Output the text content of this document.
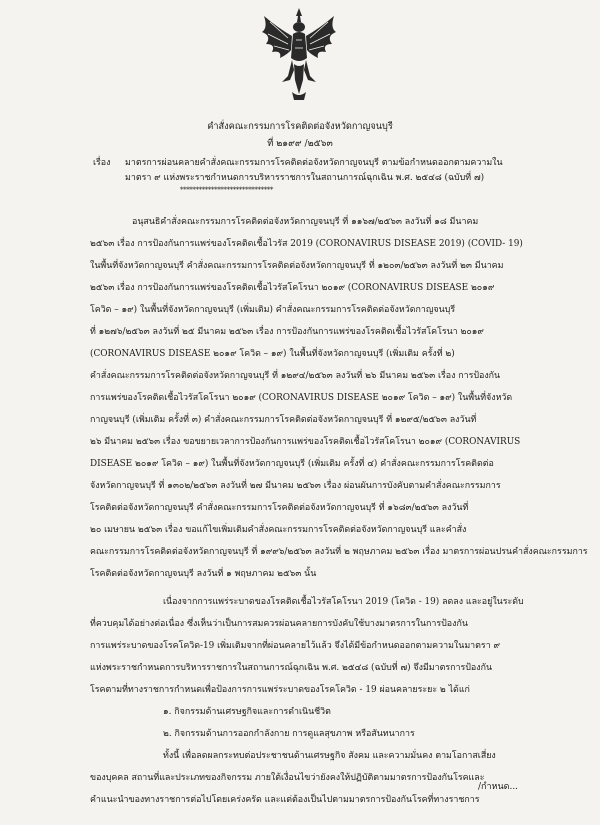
คำสั่งคณะกรรมการโรคติดต่อจังหวัดกาญจนบุรี
ที่ ๒๑๙๙ /๒๕๖๓
เรื่อง มาตรการผ่อนคลายคำสั่งคณะกรรมการโรคติดต่อจังหวัดกาญจนบุรี ตามข้อกำหนดออกตามความใน
มาตรา ๙ แห่งพระราชกำหนดการบริหารราชการในสถานการณ์ฉุกเฉิน พ.ศ. ๒๕๔๘ (ฉบับที่ ๗)
******************************
อนุสนธิคำสั่งคณะกรรมการโรคติดต่อจังหวัดกาญจนบุรี ที่ ๑๑๖๗/๒๕๖๓ ลงวันที่ ๑๘ มีนาคม
๒๕๖๓ เรื่อง การป้องกันการแพร่ของโรคติดเชื้อไวรัส 2019 (CORONAVIRUS DISEASE 2019) (COVID- 19)
ในพื้นที่จังหวัดกาญจนบุรี คำสั่งคณะกรรมการโรคติดต่อจังหวัดกาญจนบุรี ที่ ๑๒๐๓/๒๕๖๓ ลงวันที่ ๒๓ มีนาคม
๒๕๖๓ เรื่อง การป้องกันการแพร่ของโรคติดเชื้อไวรัสโคโรนา ๒๐๑๙ (CORONAVIRUS DISEASE ๒๐๑๙
โควิด – ๑๙) ในพื้นที่จังหวัดกาญจนบุรี (เพิ่มเติม) คำสั่งคณะกรรมการโรคติดต่อจังหวัดกาญจนบุรี
ที่ ๑๒๗๖/๒๕๖๓ ลงวันที่ ๒๕ มีนาคม ๒๕๖๓ เรื่อง การป้องกันการแพร่ของโรคติดเชื้อไวรัสโคโรนา ๒๐๑๙
(CORONAVIRUS DISEASE ๒๐๑๙ โควิด – ๑๙) ในพื้นที่จังหวัดกาญจนบุรี (เพิ่มเติม ครั้งที่ ๒)
คำสั่งคณะกรรมการโรคติดต่อจังหวัดกาญจนบุรี ที่ ๑๒๙๔/๒๕๖๓ ลงวันที่ ๒๖ มีนาคม ๒๕๖๓ เรื่อง การป้องกัน
การแพร่ของโรคติดเชื้อไวรัสโคโรนา ๒๐๑๙ (CORONAVIRUS DISEASE ๒๐๑๙ โควิด – ๑๙) ในพื้นที่จังหวัด
กาญจนบุรี (เพิ่มเติม ครั้งที่ ๓) คำสั่งคณะกรรมการโรคติดต่อจังหวัดกาญจนบุรี ที่ ๑๒๙๕/๒๕๖๓ ลงวันที่
๒๖ มีนาคม ๒๕๖๓ เรื่อง ขอขยายเวลาการป้องกันการแพร่ของโรคติดเชื้อไวรัสโคโรนา ๒๐๑๙ (CORONAVIRUS
DISEASE ๒๐๑๙ โควิด – ๑๙) ในพื้นที่จังหวัดกาญจนบุรี (เพิ่มเติม ครั้งที่ ๔) คำสั่งคณะกรรมการโรคติดต่อ
จังหวัดกาญจนบุรี ที่ ๑๓๐๒/๒๕๖๓ ลงวันที่ ๒๗ มีนาคม ๒๕๖๓ เรื่อง ผ่อนผันการบังคับตามคำสั่งคณะกรรมการ
โรคติดต่อจังหวัดกาญจนบุรี คำสั่งคณะกรรมการโรคติดต่อจังหวัดกาญจนบุรี ที่ ๑๖๘๓/๒๕๖๓ ลงวันที่
๒๐ เมษายน ๒๕๖๓ เรื่อง ขอแก้ไขเพิ่มเติมคำสั่งคณะกรรมการโรคติดต่อจังหวัดกาญจนบุรี และคำสั่ง
คณะกรรมการโรคติดต่อจังหวัดกาญจนบุรี ที่ ๑๙๙๖/๒๕๖๓ ลงวันที่ ๒ พฤษภาคม ๒๕๖๓ เรื่อง มาตรการผ่อนปรนคำสั่งคณะกรรมการ
โรคติดต่อจังหวัดกาญจนบุรี ลงวันที่ ๑ พฤษภาคม ๒๕๖๓ นั้น
เนื่องจากการแพร่ระบาดของโรคติดเชื้อไวรัสโคโรนา 2019 (โควิด - 19) ลดลง และอยู่ในระดับ
ที่ควบคุมได้อย่างต่อเนื่อง ซึ่งเห็นว่าเป็นการสมควรผ่อนคลายการบังคับใช้บางมาตรการในการป้องกัน
การแพร่ระบาดของโรคโควิด-19 เพิ่มเติมจากที่ผ่อนคลายไว้แล้ว จึงได้มีข้อกำหนดออกตามความในมาตรา ๙
แห่งพระราชกำหนดการบริหารราชการในสถานการณ์ฉุกเฉิน พ.ศ. ๒๕๔๘ (ฉบับที่ ๗) จึงมีมาตรการป้องกัน
โรคตามที่ทางราชการกำหนดเพื่อป้องการการแพร่ระบาดของโรคโควิด - 19 ผ่อนคลายระยะ ๒ ได้แก่
๑. กิจกรรมด้านเศรษฐกิจและการดำเนินชีวิต
๒. กิจกรรมด้านการออกกำลังกาย การดูแลสุขภาพ หรือสันทนาการ
ทั้งนี้ เพื่อลดผลกระทบต่อประชาชนด้านเศรษฐกิจ สังคม และความมั่นคง ตามโอกาสเสี่ยง
ของบุคคล สถานที่และประเภทของกิจกรรม ภายใต้เงื่อนไขว่ายังคงให้ปฏิบัติตามมาตรการป้องกันโรคและ
คำแนะนำของทางราชการต่อไปโดยเคร่งครัด และแต่ต้องเป็นไปตามมาตรการป้องกันโรคที่ทางราชการ
/กำหนด...
